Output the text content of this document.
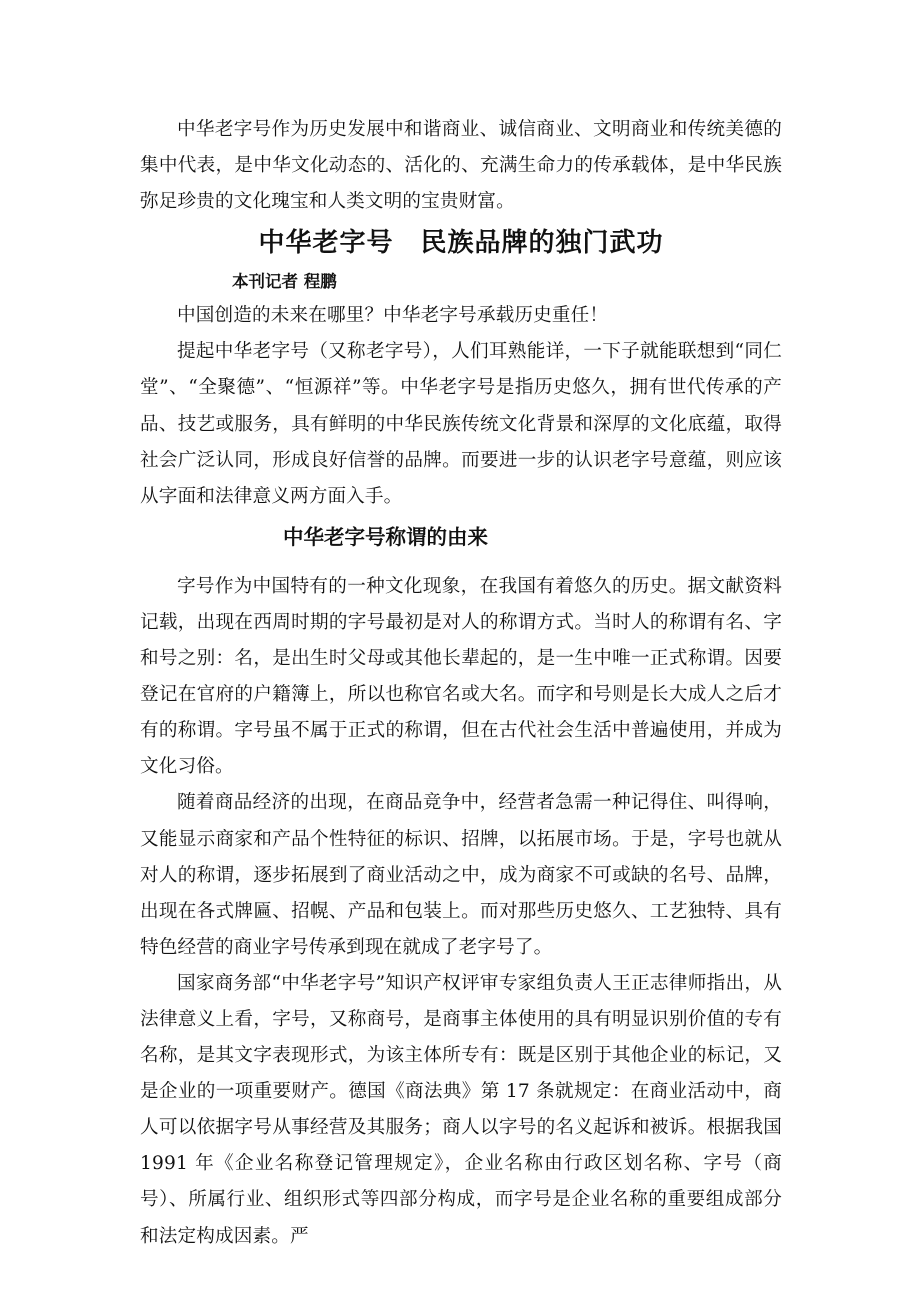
中华老字号作为历史发展中和谐商业、诚信商业、文明商业和传统美德的集中代表，是中华文化动态的、活化的、充满生命力的传承载体，是中华民族弥足珍贵的文化瑰宝和人类文明的宝贵财富。

中华老字号　民族品牌的独门武功
本刊记者 程鹏

中国创造的未来在哪里？中华老字号承载历史重任！

提起中华老字号（又称老字号），人们耳熟能详，一下子就能联想到“同仁堂”、“全聚德”、“恒源祥”等。中华老字号是指历史悠久，拥有世代传承的产品、技艺或服务，具有鲜明的中华民族传统文化背景和深厚的文化底蕴，取得社会广泛认同，形成良好信誉的品牌。而要进一步的认识老字号意蕴，则应该从字面和法律意义两方面入手。

中华老字号称谓的由来

字号作为中国特有的一种文化现象，在我国有着悠久的历史。据文献资料记载，出现在西周时期的字号最初是对人的称谓方式。当时人的称谓有名、字和号之别：名，是出生时父母或其他长辈起的，是一生中唯一正式称谓。因要登记在官府的户籍簿上，所以也称官名或大名。而字和号则是长大成人之后才有的称谓。字号虽不属于正式的称谓，但在古代社会生活中普遍使用，并成为文化习俗。

随着商品经济的出现，在商品竞争中，经营者急需一种记得住、叫得响，又能显示商家和产品个性特征的标识、招牌，以拓展市场。于是，字号也就从对人的称谓，逐步拓展到了商业活动之中，成为商家不可或缺的名号、品牌，出现在各式牌匾、招幌、产品和包装上。而对那些历史悠久、工艺独特、具有特色经营的商业字号传承到现在就成了老字号了。

国家商务部“中华老字号”知识产权评审专家组负责人王正志律师指出，从法律意义上看，字号，又称商号，是商事主体使用的具有明显识别价值的专有名称，是其文字表现形式，为该主体所专有：既是区别于其他企业的标记，又是企业的一项重要财产。德国《商法典》第 17 条就规定：在商业活动中，商人可以依据字号从事经营及其服务；商人以字号的名义起诉和被诉。根据我国 1991 年《企业名称登记管理规定》，企业名称由行政区划名称、字号（商号）、所属行业、组织形式等四部分构成，而字号是企业名称的重要组成部分和法定构成因素。严
